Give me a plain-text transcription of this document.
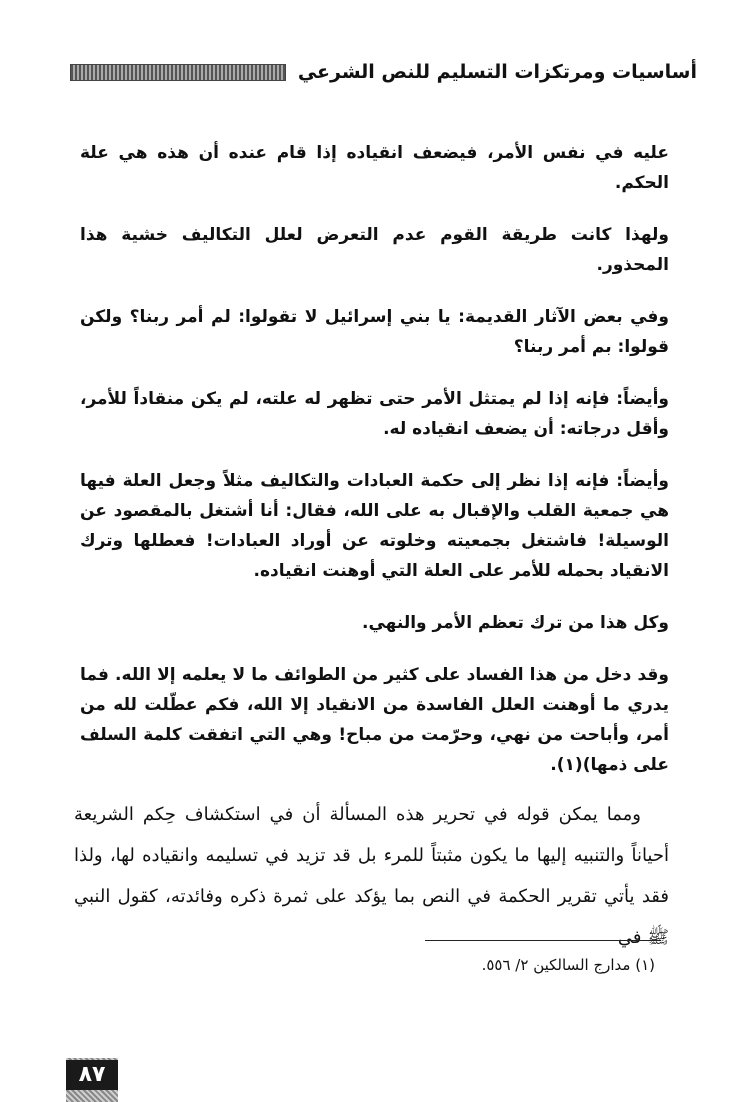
أساسيات ومرتكزات التسليم للنص الشرعي

عليه في نفس الأمر، فيضعف انقياده إذا قام عنده أن هذه هي علة الحكم.

ولهذا كانت طريقة القوم عدم التعرض لعلل التكاليف خشية هذا المحذور.

وفي بعض الآثار القديمة: يا بني إسرائيل لا تقولوا: لم أمر ربنا؟ ولكن قولوا: بم أمر ربنا؟

وأيضاً: فإنه إذا لم يمتثل الأمر حتى تظهر له علته، لم يكن منقاداً للأمر، وأقل درجاته: أن يضعف انقياده له.

وأيضاً: فإنه إذا نظر إلى حكمة العبادات والتكاليف مثلاً وجعل العلة فيها هي جمعية القلب والإقبال به على الله، فقال: أنا أشتغل بالمقصود عن الوسيلة! فاشتغل بجمعيته وخلوته عن أوراد العبادات! فعطلها وترك الانقياد بحمله للأمر على العلة التي أوهنت انقياده.

وكل هذا من ترك تعظم الأمر والنهي.

وقد دخل من هذا الفساد على كثير من الطوائف ما لا يعلمه إلا الله. فما يدري ما أوهنت العلل الفاسدة من الانقياد إلا الله، فكم عطّلت لله من أمر، وأباحت من نهي، وحرّمت من مباح! وهي التي اتفقت كلمة السلف على ذمها)(١).

ومما يمكن قوله في تحرير هذه المسألة أن في استكشاف حِكم الشريعة أحياناً والتنبيه إليها ما يكون مثبتاً للمرء بل قد تزيد في تسليمه وانقياده لها، ولذا فقد يأتي تقرير الحكمة في النص بما يؤكد على ثمرة ذكره وفائدته، كقول النبي ﷺ في

(١) مدارج السالكين ٢/ ٥٥٦.

٨٧
